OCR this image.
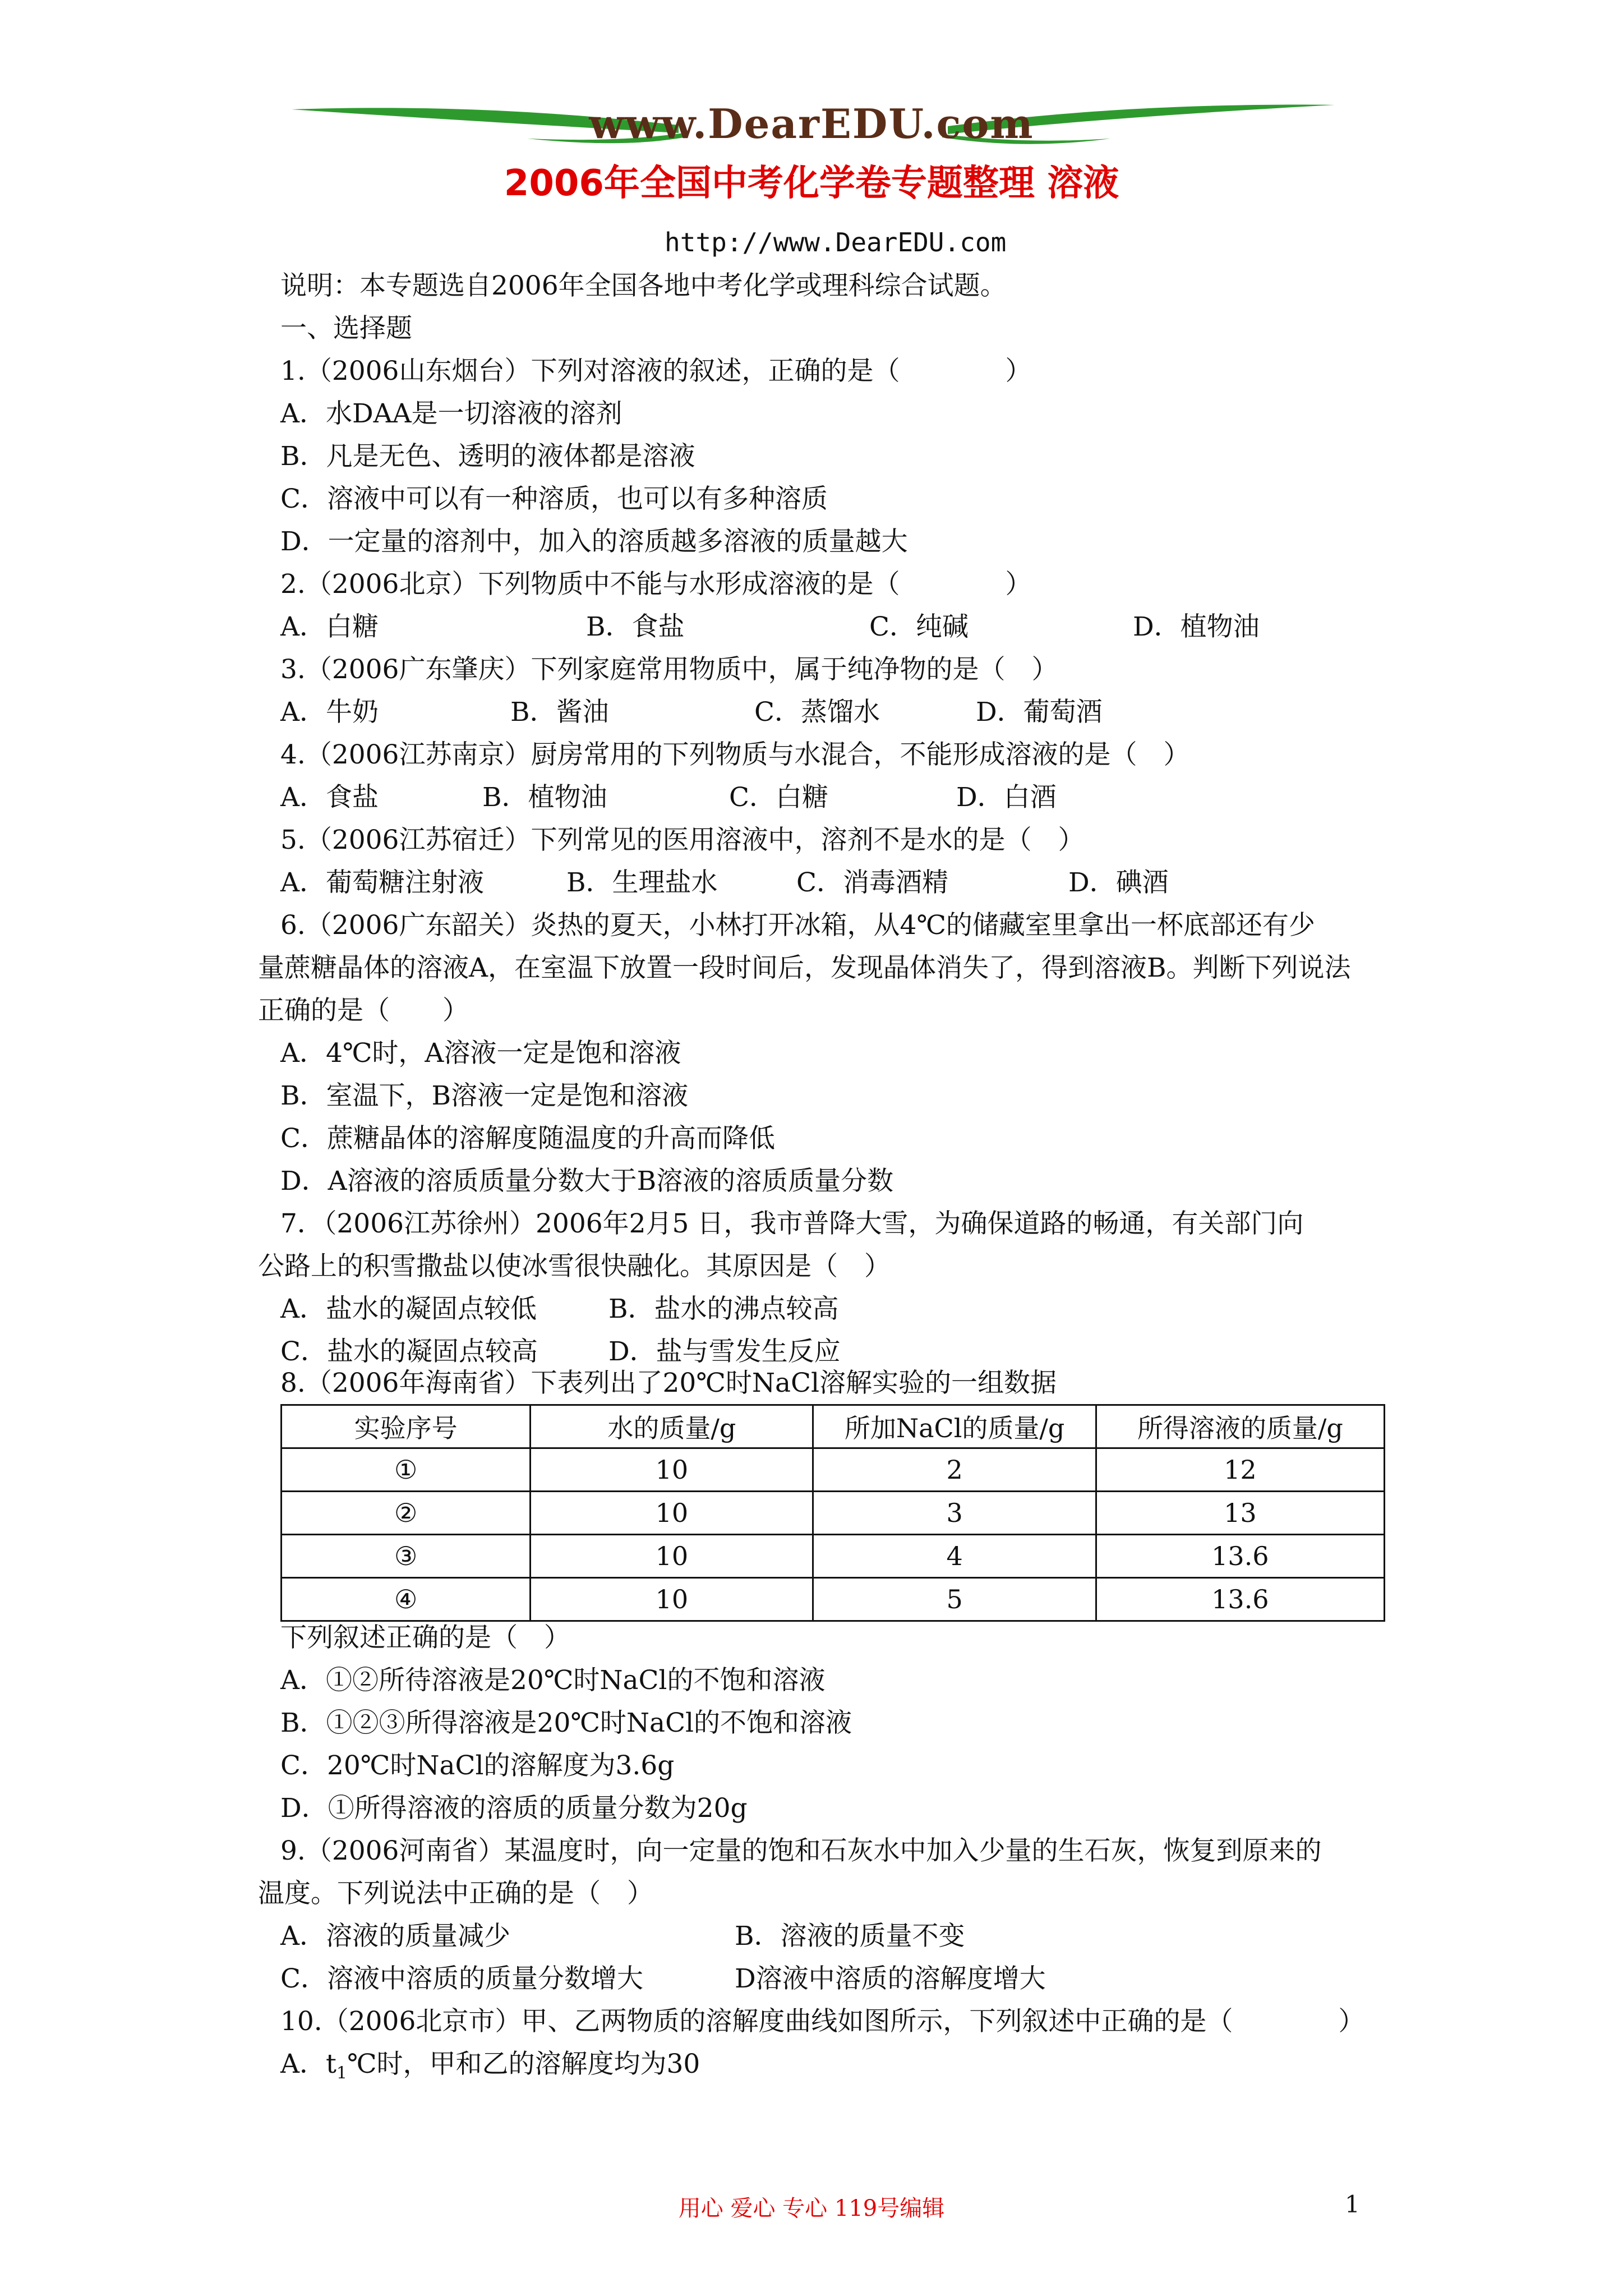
www.DearEDU.com
2006年全国中考化学卷专题整理 溶液
http://www.DearEDU.com
说明：本专题选自2006年全国各地中考化学或理科综合试题。
一、选择题
1.（2006山东烟台）下列对溶液的叙述，正确的是（　　　　）
A．水DAA是一切溶液的溶剂
B．凡是无色、透明的液体都是溶液
C．溶液中可以有一种溶质，也可以有多种溶质
D．一定量的溶剂中，加入的溶质越多溶液的质量越大
2.（2006北京）下列物质中不能与水形成溶液的是（　　　　）
A．白糖	B．食盐	C．纯碱	D．植物油
3.（2006广东肇庆）下列家庭常用物质中，属于纯净物的是（　）
A．牛奶	B．酱油	C．蒸馏水	D．葡萄酒
4.（2006江苏南京）厨房常用的下列物质与水混合，不能形成溶液的是（　）
A．食盐	B．植物油	C．白糖	D．白酒
5.（2006江苏宿迁）下列常见的医用溶液中，溶剂不是水的是（　）
A．葡萄糖注射液	B．生理盐水	C．消毒酒精	D．碘酒
6.（2006广东韶关）炎热的夏天，小林打开冰箱，从4℃的储藏室里拿出一杯底部还有少
量蔗糖晶体的溶液A，在室温下放置一段时间后，发现晶体消失了，得到溶液B。判断下列说法
正确的是（　　）
A．4℃时，A溶液一定是饱和溶液
B．室温下，B溶液一定是饱和溶液
C．蔗糖晶体的溶解度随温度的升高而降低
D．A溶液的溶质质量分数大于B溶液的溶质质量分数
7．（2006江苏徐州）2006年2月5 日，我市普降大雪，为确保道路的畅通，有关部门向
公路上的积雪撒盐以使冰雪很快融化。其原因是（　）
A．盐水的凝固点较低	B．盐水的沸点较高
C．盐水的凝固点较高	D．盐与雪发生反应
8.（2006年海南省）下表列出了20℃时NaCl溶解实验的一组数据
实验序号	水的质量/g	所加NaCl的质量/g	所得溶液的质量/g
①	10	2	12
②	10	3	13
③	10	4	13.6
④	10	5	13.6
下列叙述正确的是（　）
A．①②所待溶液是20℃时NaCl的不饱和溶液
B．①②③所得溶液是20℃时NaCl的不饱和溶液
C．20℃时NaCl的溶解度为3.6g
D．①所得溶液的溶质的质量分数为20g
9.（2006河南省）某温度时，向一定量的饱和石灰水中加入少量的生石灰，恢复到原来的
温度。下列说法中正确的是（　）
A．溶液的质量减少	B．溶液的质量不变
C．溶液中溶质的质量分数增大	D溶液中溶质的溶解度增大
10.（2006北京市）甲、乙两物质的溶解度曲线如图所示，下列叙述中正确的是（　　　　）
A．$t_1℃$时，甲和乙的溶解度均为30
用心 爱心 专心 119号编辑	1
